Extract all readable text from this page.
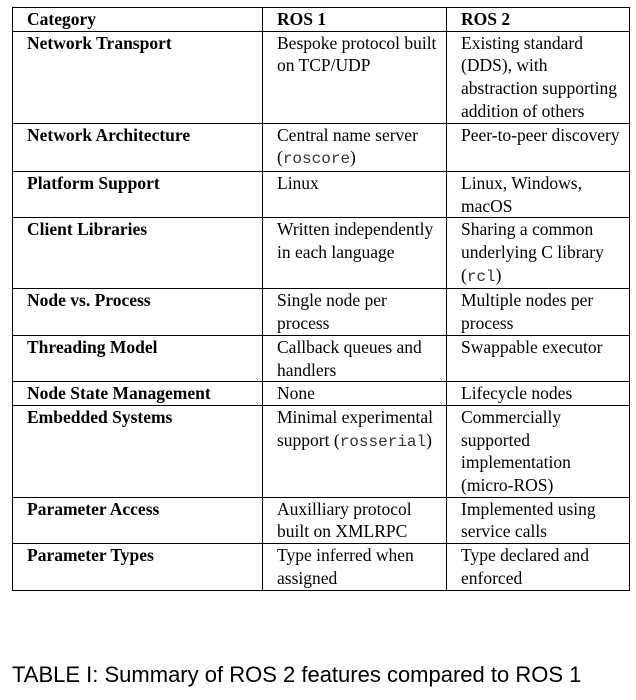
Category	ROS 1	ROS 2
Network Transport	Bespoke protocol built on TCP/UDP	Existing standard (DDS), with abstraction supporting addition of others
Network Architecture	Central name server (roscore)	Peer-to-peer discovery
Platform Support	Linux	Linux, Windows, macOS
Client Libraries	Written independently in each language	Sharing a common underlying C library (rcl)
Node vs. Process	Single node per process	Multiple nodes per process
Threading Model	Callback queues and handlers	Swappable executor
Node State Management	None	Lifecycle nodes
Embedded Systems	Minimal experimental support (rosserial)	Commercially supported implementation (micro-ROS)
Parameter Access	Auxilliary protocol built on XMLRPC	Implemented using service calls
Parameter Types	Type inferred when assigned	Type declared and enforced

TABLE I: Summary of ROS 2 features compared to ROS 1
